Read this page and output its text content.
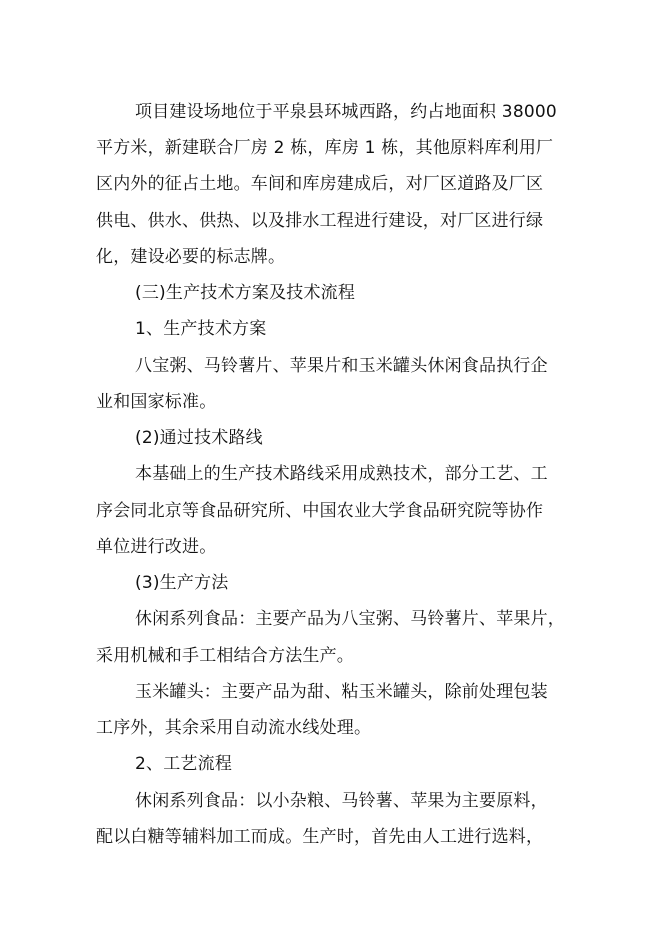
项目建设场地位于平泉县环城西路，约占地面积 38000
平方米，新建联合厂房 2 栋，库房 1 栋，其他原料库利用厂
区内外的征占土地。车间和库房建成后，对厂区道路及厂区
供电、供水、供热、以及排水工程进行建设，对厂区进行绿
化，建设必要的标志牌。
(三)生产技术方案及技术流程
1、生产技术方案
八宝粥、马铃薯片、苹果片和玉米罐头休闲食品执行企
业和国家标准。
(2)通过技术路线
本基础上的生产技术路线采用成熟技术，部分工艺、工
序会同北京等食品研究所、中国农业大学食品研究院等协作
单位进行改进。
(3)生产方法
休闲系列食品：主要产品为八宝粥、马铃薯片、苹果片，
采用机械和手工相结合方法生产。
玉米罐头：主要产品为甜、粘玉米罐头，除前处理包装
工序外，其余采用自动流水线处理。
2、工艺流程
休闲系列食品：以小杂粮、马铃薯、苹果为主要原料，
配以白糖等辅料加工而成。生产时，首先由人工进行选料，
